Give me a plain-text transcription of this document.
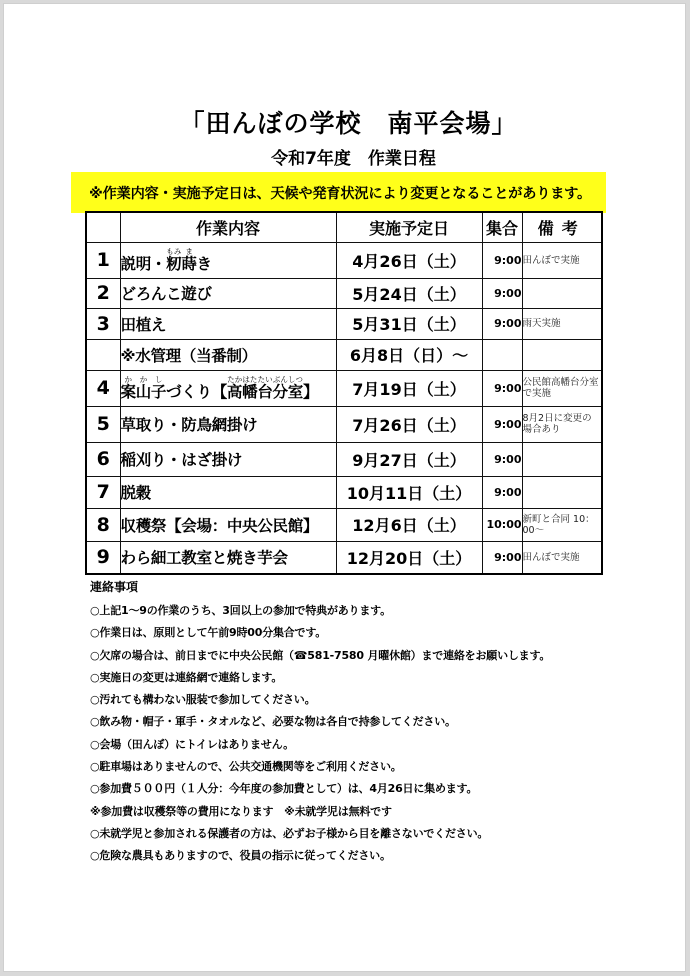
「田んぼの学校　南平会場」
令和7年度　作業日程
※作業内容・実施予定日は、天候や発育状況により変更となることがあります。
	作業内容	実施予定日	集合	備考
1	説明・籾もみ蒔まき	4月26日（土）	9:00	田んぼで実施
2	どろんこ遊び	5月24日（土）	9:00	
3	田植え	5月31日（土）	9:00	雨天実施
	※水管理（当番制）	6月8日（日）～		
4	案山子かかしづくり【高幡台分室たかはたたいぶんしつ】	7月19日（土）	9:00	公民館高幡台分室で実施
5	草取り・防鳥網掛け	7月26日（土）	9:00	8月2日に変更の場合あり
6	稲刈り・はざ掛け	9月27日（土）	9:00	
7	脱穀	10月11日（土）	9:00	
8	収穫祭【会場：中央公民館】	12月6日（土）	10:00	新町と合同 10：00～
9	わら細工教室と焼き芋会	12月20日（土）	9:00	田んぼで実施
連絡事項
○上記1～9の作業のうち、3回以上の参加で特典があります。
○作業日は、原則として午前9時00分集合です。
○欠席の場合は、前日までに中央公民館（☎581-7580 月曜休館）まで連絡をお願いします。
○実施日の変更は連絡網で連絡します。
○汚れても構わない服装で参加してください。
○飲み物・帽子・軍手・タオルなど、必要な物は各自で持参してください。
○会場（田んぼ）にトイレはありません。
○駐車場はありませんので、公共交通機関等をご利用ください。
○参加費５００円（１人分：今年度の参加費として）は、4月26日に集めます。
※参加費は収穫祭等の費用になります　※未就学児は無料です
○未就学児と参加される保護者の方は、必ずお子様から目を離さないでください。
○危険な農具もありますので、役員の指示に従ってください。
